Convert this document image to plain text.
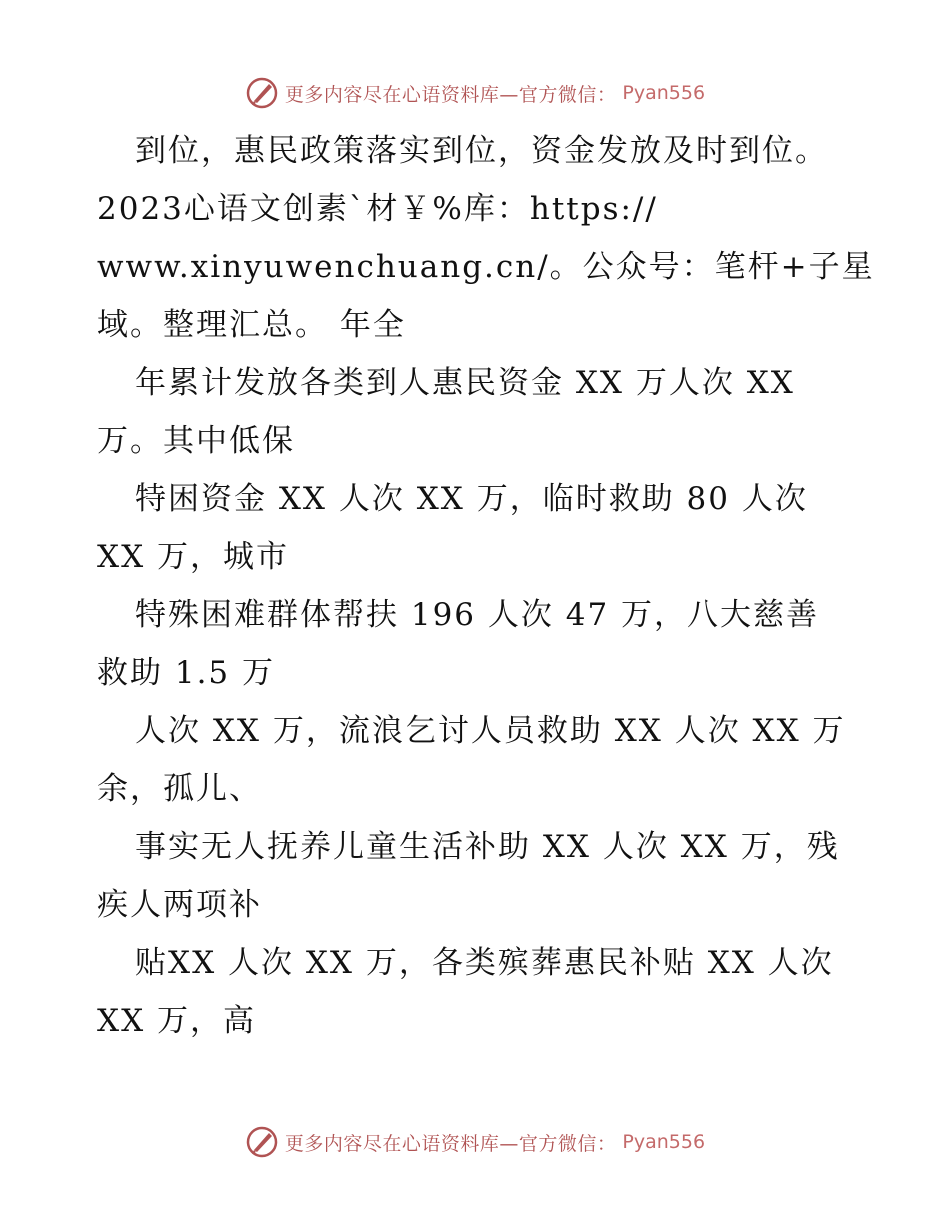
更多内容尽在心语资料库—官方微信： Pyan556
到位，惠民政策落实到位，资金发放及时到位。
2023心语文创素`材￥%库：https://
www.xinyuwenchuang.cn/。公众号：笔杆+子星
域。整理汇总。 年全
年累计发放各类到人惠民资金 XX 万人次 XX
万。其中低保
特困资金 XX 人次 XX 万，临时救助 80 人次
XX 万，城市
特殊困难群体帮扶 196 人次 47 万，八大慈善
救助 1.5 万
人次 XX 万，流浪乞讨人员救助 XX 人次 XX 万
余，孤儿、
事实无人抚养儿童生活补助 XX 人次 XX 万，残
疾人两项补
贴XX 人次 XX 万，各类殡葬惠民补贴 XX 人次
XX 万，高
更多内容尽在心语资料库—官方微信： Pyan556
